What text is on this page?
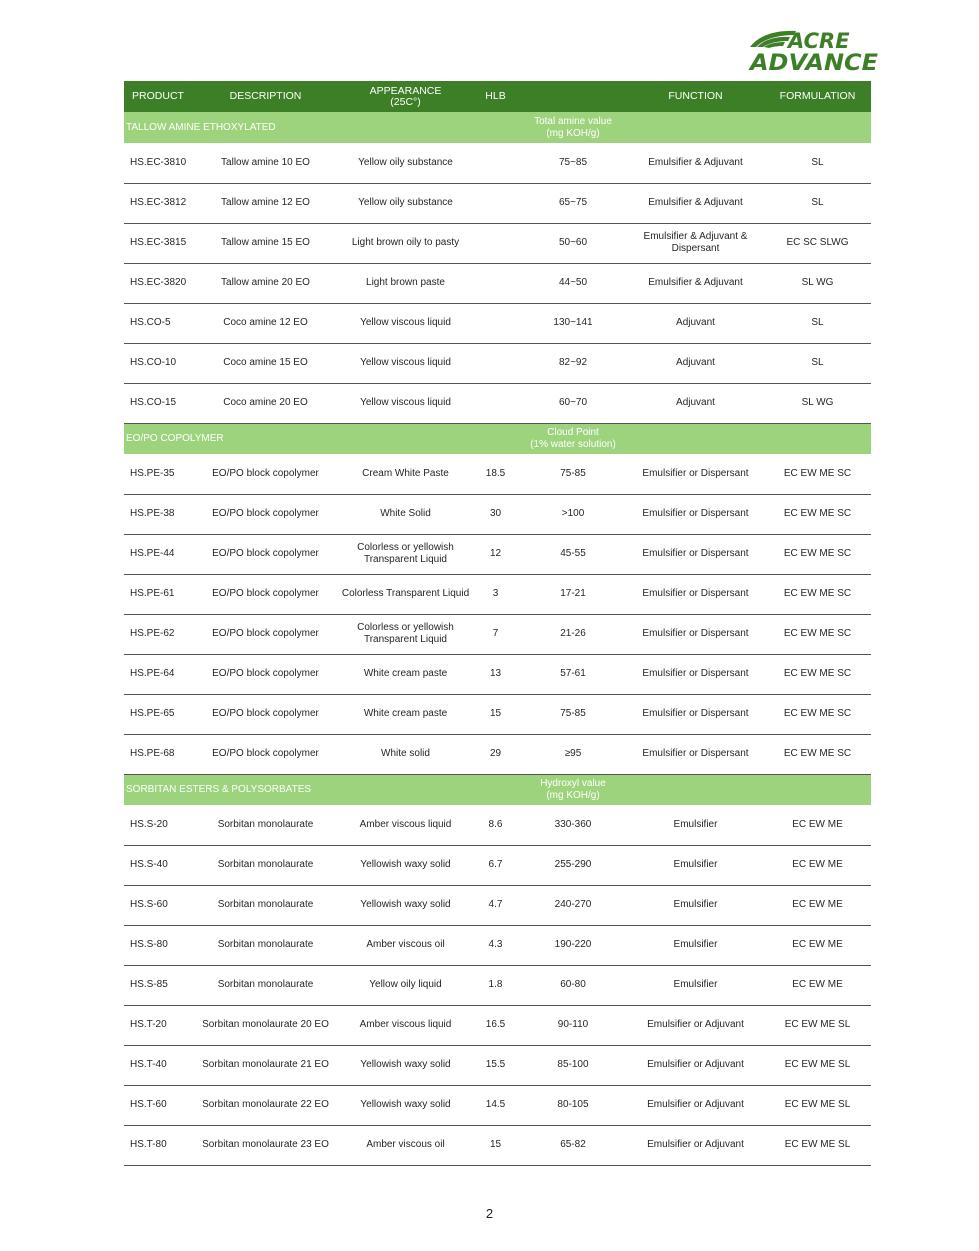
ACRE
ADVANCE
PRODUCT	DESCRIPTION	APPEARANCE
(25C°)	HLB		FUNCTION	FORMULATION
TALLOW AMINE ETHOXYLATED				Total amine value
(mg KOH/g)		
HS.EC-3810	Tallow amine 10 EO	Yellow oily substance		75~85	Emulsifier & Adjuvant	SL
HS.EC-3812	Tallow amine 12 EO	Yellow oily substance		65~75	Emulsifier & Adjuvant	SL
HS.EC-3815	Tallow amine 15 EO	Light brown oily to pasty		50~60	Emulsifier & Adjuvant &
Dispersant	EC SC SLWG
HS.EC-3820	Tallow amine 20 EO	Light brown paste		44~50	Emulsifier & Adjuvant	SL WG
HS.CO-5	Coco amine 12 EO	Yellow viscous liquid		130~141	Adjuvant	SL
HS.CO-10	Coco amine 15 EO	Yellow viscous liquid		82~92	Adjuvant	SL
HS.CO-15	Coco amine 20 EO	Yellow viscous liquid		60~70	Adjuvant	SL WG
EO/PO COPOLYMER				Cloud Point
(1% water solution)		
HS.PE-35	EO/PO block copolymer	Cream White Paste	18.5	75-85	Emulsifier or Dispersant	EC EW ME SC
HS.PE-38	EO/PO block copolymer	White Solid	30	>100	Emulsifier or Dispersant	EC EW ME SC
HS.PE-44	EO/PO block copolymer	Colorless or yellowish
Transparent Liquid	12	45-55	Emulsifier or Dispersant	EC EW ME SC
HS.PE-61	EO/PO block copolymer	Colorless Transparent Liquid	3	17-21	Emulsifier or Dispersant	EC EW ME SC
HS.PE-62	EO/PO block copolymer	Colorless or yellowish
Transparent Liquid	7	21-26	Emulsifier or Dispersant	EC EW ME SC
HS.PE-64	EO/PO block copolymer	White cream paste	13	57-61	Emulsifier or Dispersant	EC EW ME SC
HS.PE-65	EO/PO block copolymer	White cream paste	15	75-85	Emulsifier or Dispersant	EC EW ME SC
HS.PE-68	EO/PO block copolymer	White solid	29	≥95	Emulsifier or Dispersant	EC EW ME SC
SORBITAN ESTERS & POLYSORBATES				Hydroxyl value
(mg KOH/g)		
HS.S-20	Sorbitan monolaurate	Amber viscous liquid	8.6	330-360	Emulsifier	EC EW ME
HS.S-40	Sorbitan monolaurate	Yellowish waxy solid	6.7	255-290	Emulsifier	EC EW ME
HS.S-60	Sorbitan monolaurate	Yellowish waxy solid	4.7	240-270	Emulsifier	EC EW ME
HS.S-80	Sorbitan monolaurate	Amber viscous oil	4.3	190-220	Emulsifier	EC EW ME
HS.S-85	Sorbitan monolaurate	Yellow oily liquid	1.8	60-80	Emulsifier	EC EW ME
HS.T-20	Sorbitan monolaurate 20 EO	Amber viscous liquid	16.5	90-110	Emulsifier or Adjuvant	EC EW ME SL
HS.T-40	Sorbitan monolaurate 21 EO	Yellowish waxy solid	15.5	85-100	Emulsifier or Adjuvant	EC EW ME SL
HS.T-60	Sorbitan monolaurate 22 EO	Yellowish waxy solid	14.5	80-105	Emulsifier or Adjuvant	EC EW ME SL
HS.T-80	Sorbitan monolaurate 23 EO	Amber viscous oil	15	65-82	Emulsifier or Adjuvant	EC EW ME SL
2
